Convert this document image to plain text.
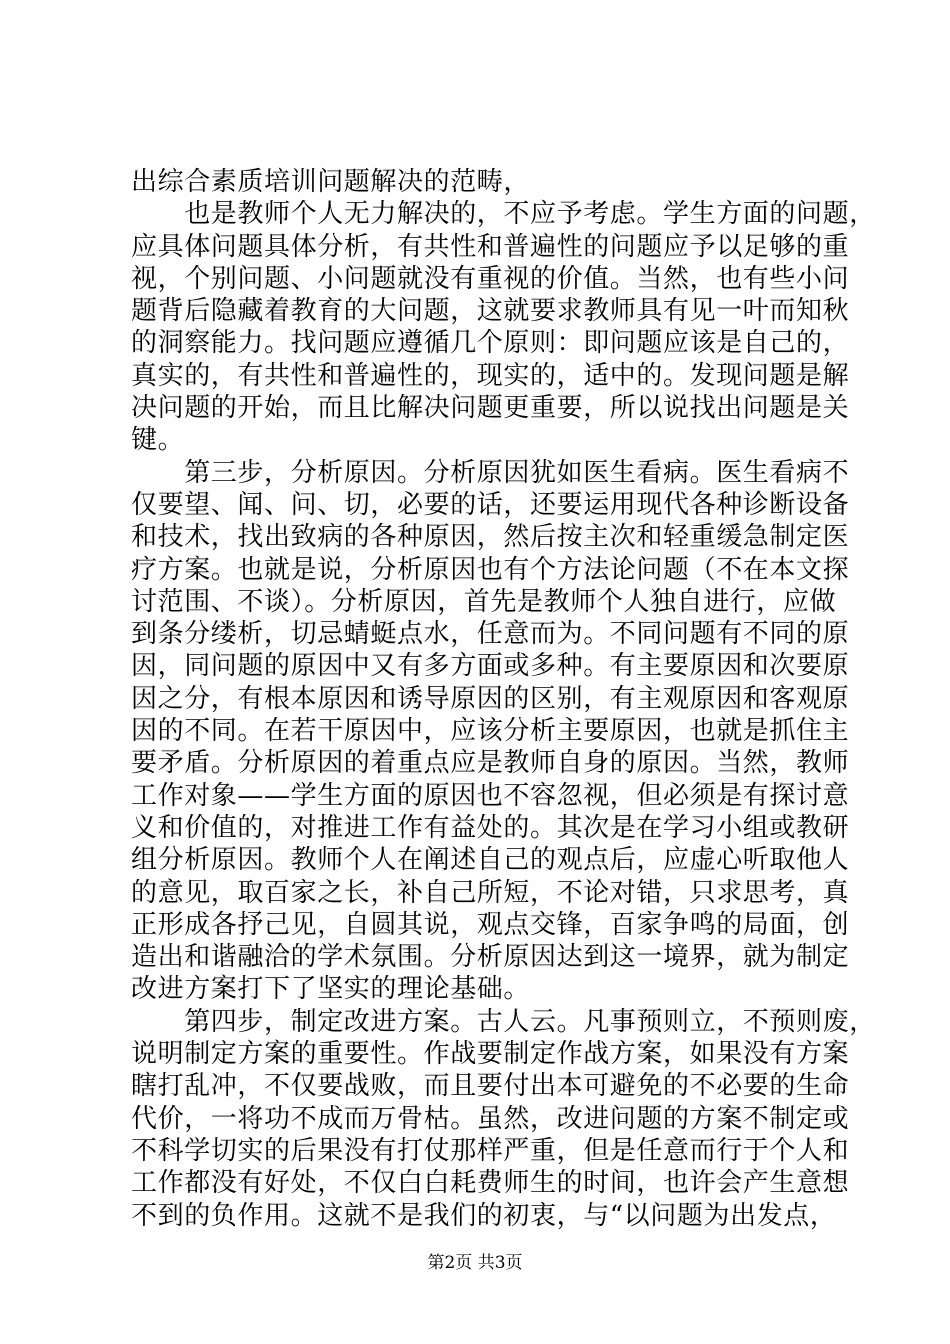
出综合素质培训问题解决的范畴，
　　也是教师个人无力解决的，不应予考虑。学生方面的问题，
应具体问题具体分析，有共性和普遍性的问题应予以足够的重
视，个别问题、小问题就没有重视的价值。当然，也有些小问
题背后隐藏着教育的大问题，这就要求教师具有见一叶而知秋
的洞察能力。找问题应遵循几个原则：即问题应该是自己的，
真实的，有共性和普遍性的，现实的，适中的。发现问题是解
决问题的开始，而且比解决问题更重要，所以说找出问题是关
键。
　　第三步，分析原因。分析原因犹如医生看病。医生看病不
仅要望、闻、问、切，必要的话，还要运用现代各种诊断设备
和技术，找出致病的各种原因，然后按主次和轻重缓急制定医
疗方案。也就是说，分析原因也有个方法论问题（不在本文探
讨范围、不谈）。分析原因，首先是教师个人独自进行，应做
到条分缕析，切忌蜻蜓点水，任意而为。不同问题有不同的原
因，同问题的原因中又有多方面或多种。有主要原因和次要原
因之分，有根本原因和诱导原因的区别，有主观原因和客观原
因的不同。在若干原因中，应该分析主要原因，也就是抓住主
要矛盾。分析原因的着重点应是教师自身的原因。当然，教师
工作对象——学生方面的原因也不容忽视，但必须是有探讨意
义和价值的，对推进工作有益处的。其次是在学习小组或教研
组分析原因。教师个人在阐述自己的观点后，应虚心听取他人
的意见，取百家之长，补自己所短，不论对错，只求思考，真
正形成各抒己见，自圆其说，观点交锋，百家争鸣的局面，创
造出和谐融洽的学术氛围。分析原因达到这一境界，就为制定
改进方案打下了坚实的理论基础。
　　第四步，制定改进方案。古人云。凡事预则立，不预则废，
说明制定方案的重要性。作战要制定作战方案，如果没有方案
瞎打乱冲，不仅要战败，而且要付出本可避免的不必要的生命
代价，一将功不成而万骨枯。虽然，改进问题的方案不制定或
不科学切实的后果没有打仗那样严重，但是任意而行于个人和
工作都没有好处，不仅白白耗费师生的时间，也许会产生意想
不到的负作用。这就不是我们的初衷，与“以问题为出发点，
第2页 共3页
